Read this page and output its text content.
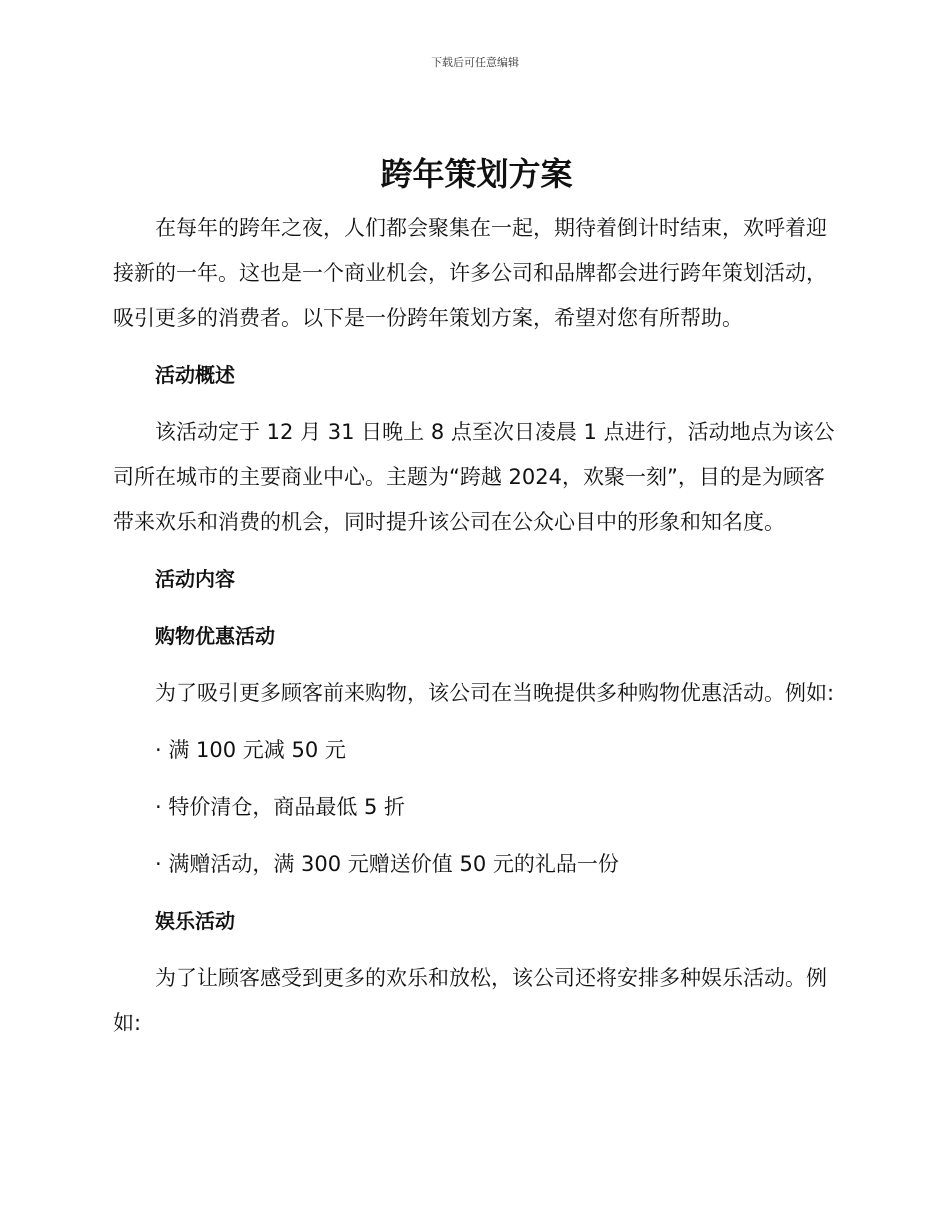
下载后可任意编辑
跨年策划方案

在每年的跨年之夜，人们都会聚集在一起，期待着倒计时结束，欢呼着迎接新的一年。这也是一个商业机会，许多公司和品牌都会进行跨年策划活动，吸引更多的消费者。以下是一份跨年策划方案，希望对您有所帮助。

活动概述

该活动定于 12 月 31 日晚上 8 点至次日凌晨 1 点进行，活动地点为该公司所在城市的主要商业中心。主题为“跨越 2024，欢聚一刻”，目的是为顾客带来欢乐和消费的机会，同时提升该公司在公众心目中的形象和知名度。

活动内容

购物优惠活动

为了吸引更多顾客前来购物，该公司在当晚提供多种购物优惠活动。例如:

· 满 100 元减 50 元

· 特价清仓，商品最低 5 折

· 满赠活动，满 300 元赠送价值 50 元的礼品一份

娱乐活动

为了让顾客感受到更多的欢乐和放松，该公司还将安排多种娱乐活动。例如:
